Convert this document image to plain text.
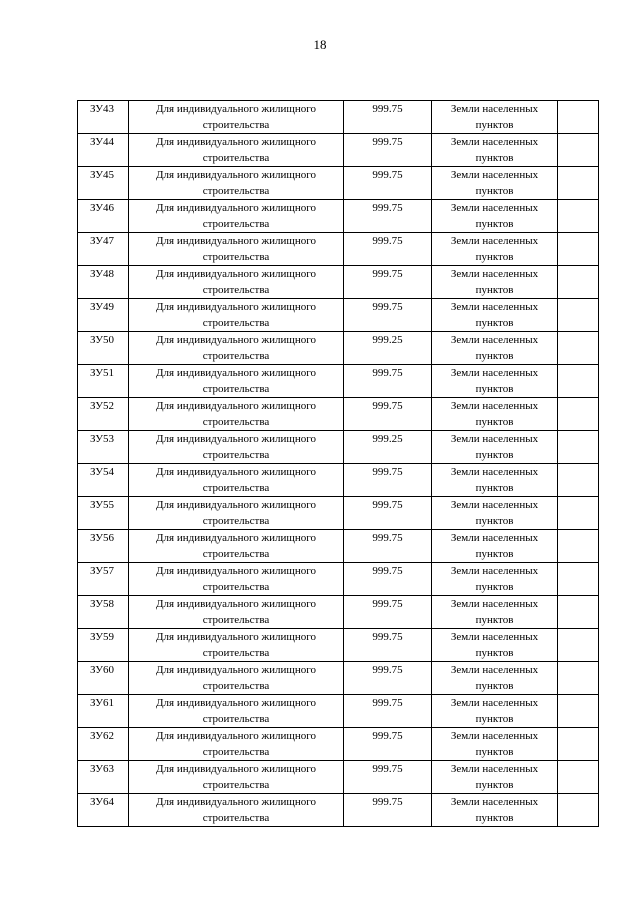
18
ЗУ43	Для индивидуального жилищного строительства	999.75	Земли населенных пунктов	

ЗУ44	Для индивидуального жилищного строительства	999.75	Земли населенных пунктов	

ЗУ45	Для индивидуального жилищного строительства	999.75	Земли населенных пунктов	

ЗУ46	Для индивидуального жилищного строительства	999.75	Земли населенных пунктов	

ЗУ47	Для индивидуального жилищного строительства	999.75	Земли населенных пунктов	

ЗУ48	Для индивидуального жилищного строительства	999.75	Земли населенных пунктов	

ЗУ49	Для индивидуального жилищного строительства	999.75	Земли населенных пунктов	

ЗУ50	Для индивидуального жилищного строительства	999.25	Земли населенных пунктов	

ЗУ51	Для индивидуального жилищного строительства	999.75	Земли населенных пунктов	

ЗУ52	Для индивидуального жилищного строительства	999.75	Земли населенных пунктов	

ЗУ53	Для индивидуального жилищного строительства	999.25	Земли населенных пунктов	

ЗУ54	Для индивидуального жилищного строительства	999.75	Земли населенных пунктов	

ЗУ55	Для индивидуального жилищного строительства	999.75	Земли населенных пунктов	

ЗУ56	Для индивидуального жилищного строительства	999.75	Земли населенных пунктов	

ЗУ57	Для индивидуального жилищного строительства	999.75	Земли населенных пунктов	

ЗУ58	Для индивидуального жилищного строительства	999.75	Земли населенных пунктов	

ЗУ59	Для индивидуального жилищного строительства	999.75	Земли населенных пунктов	

ЗУ60	Для индивидуального жилищного строительства	999.75	Земли населенных пунктов	

ЗУ61	Для индивидуального жилищного строительства	999.75	Земли населенных пунктов	

ЗУ62	Для индивидуального жилищного строительства	999.75	Земли населенных пунктов	

ЗУ63	Для индивидуального жилищного строительства	999.75	Земли населенных пунктов	

ЗУ64	Для индивидуального жилищного строительства	999.75	Земли населенных пунктов	
